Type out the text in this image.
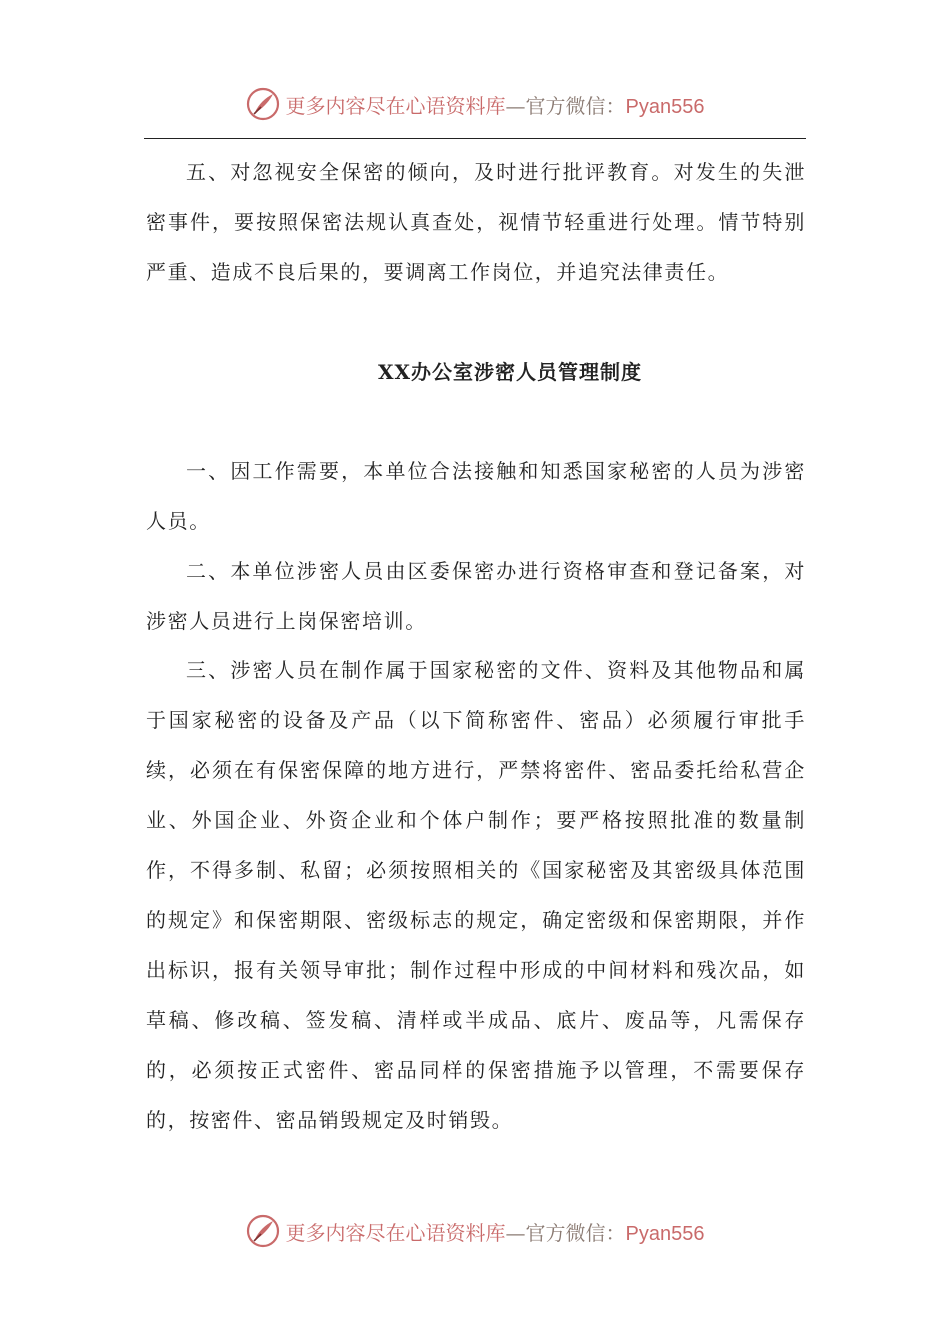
更多内容尽在心语资料库—官方微信：Pyan556

五、对忽视安全保密的倾向，及时进行批评教育。对发生的失泄密事件，要按照保密法规认真查处，视情节轻重进行处理。情节特别严重、造成不良后果的，要调离工作岗位，并追究法律责任。

XX办公室涉密人员管理制度

一、因工作需要，本单位合法接触和知悉国家秘密的人员为涉密人员。

二、本单位涉密人员由区委保密办进行资格审查和登记备案，对涉密人员进行上岗保密培训。

三、涉密人员在制作属于国家秘密的文件、资料及其他物品和属于国家秘密的设备及产品（以下简称密件、密品）必须履行审批手续，必须在有保密保障的地方进行，严禁将密件、密品委托给私营企业、外国企业、外资企业和个体户制作；要严格按照批准的数量制作，不得多制、私留；必须按照相关的《国家秘密及其密级具体范围的规定》和保密期限、密级标志的规定，确定密级和保密期限，并作出标识，报有关领导审批；制作过程中形成的中间材料和残次品，如草稿、修改稿、签发稿、清样或半成品、底片、废品等，凡需保存的，必须按正式密件、密品同样的保密措施予以管理，不需要保存的，按密件、密品销毁规定及时销毁。

更多内容尽在心语资料库—官方微信：Pyan556
